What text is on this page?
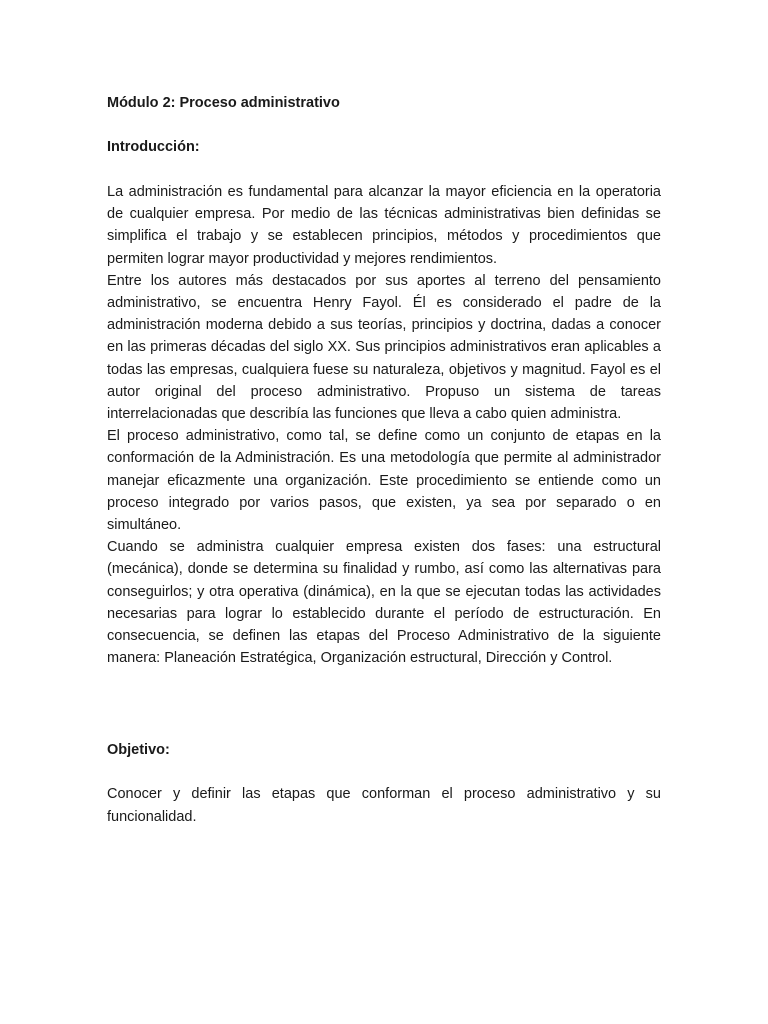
Módulo 2: Proceso administrativo

Introducción:

La administración es fundamental para alcanzar la mayor eficiencia en la operatoria de cualquier empresa. Por medio de las técnicas administrativas bien definidas se simplifica el trabajo y se establecen principios, métodos y procedimientos que permiten lograr mayor productividad y mejores rendimientos.

Entre los autores más destacados por sus aportes al terreno del pensamiento administrativo, se encuentra Henry Fayol. Él es considerado el padre de la administración moderna debido a sus teorías, principios y doctrina, dadas a conocer en las primeras décadas del siglo XX. Sus principios administrativos eran aplicables a todas las empresas, cualquiera fuese su naturaleza, objetivos y magnitud. Fayol es el autor original del proceso administrativo. Propuso un sistema de tareas interrelacionadas que describía las funciones que lleva a cabo quien administra.

El proceso administrativo, como tal, se define como un conjunto de etapas en la conformación de la Administración. Es una metodología que permite al administrador manejar eficazmente una organización. Este procedimiento se entiende como un proceso integrado por varios pasos, que existen, ya sea por separado o en simultáneo.

Cuando se administra cualquier empresa existen dos fases: una estructural (mecánica), donde se determina su finalidad y rumbo, así como las alternativas para conseguirlos; y otra operativa (dinámica), en la que se ejecutan todas las actividades necesarias para lograr lo establecido durante el período de estructuración. En consecuencia, se definen las etapas del Proceso Administrativo de la siguiente manera: Planeación Estratégica, Organización estructural, Dirección y Control.

Objetivo:

Conocer y definir las etapas que conforman el proceso administrativo y su funcionalidad.
